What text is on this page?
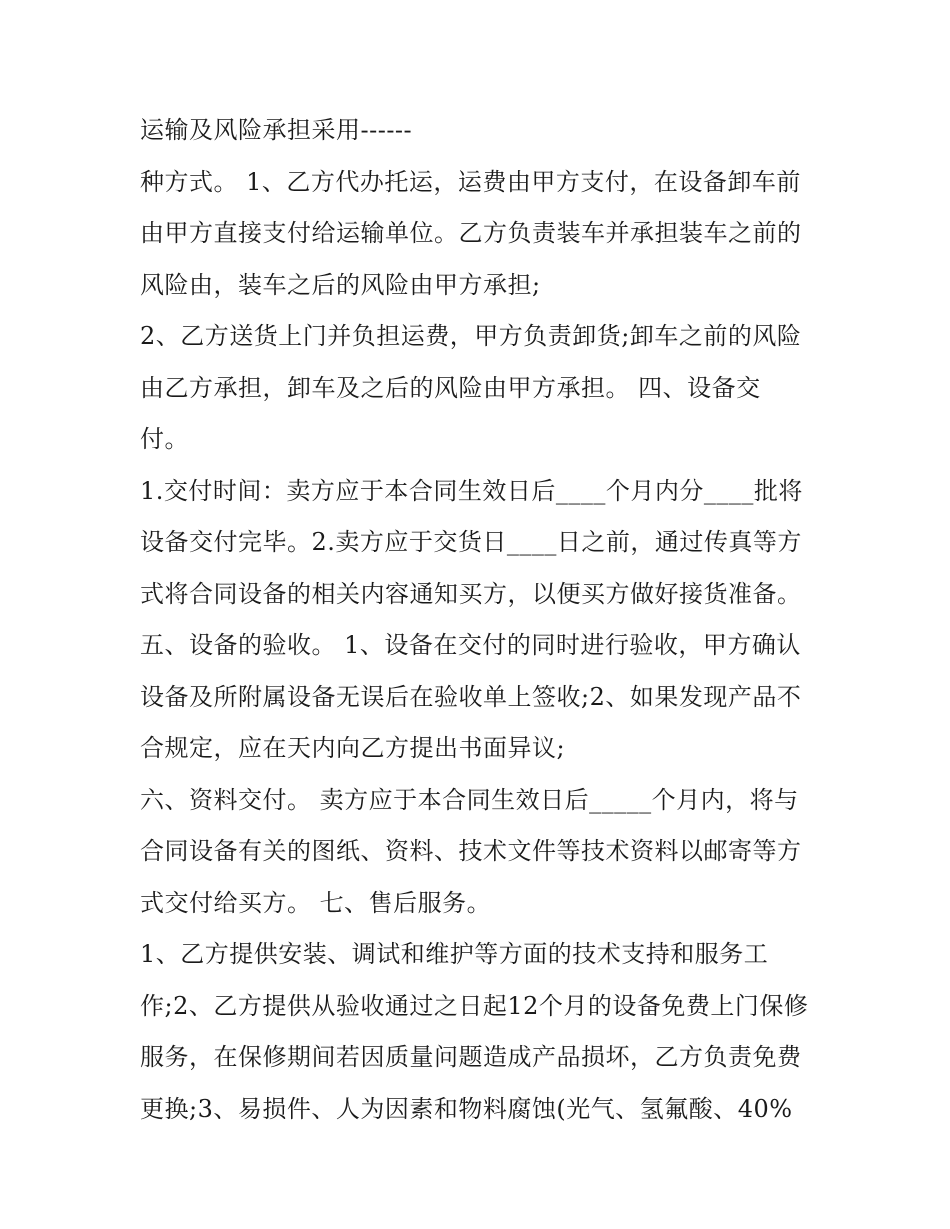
运输及风险承担采用------
种方式。 1、乙方代办托运，运费由甲方支付，在设备卸车前
由甲方直接支付给运输单位。乙方负责装车并承担装车之前的
风险由，装车之后的风险由甲方承担;
2、乙方送货上门并负担运费，甲方负责卸货;卸车之前的风险
由乙方承担，卸车及之后的风险由甲方承担。 四、设备交
付。
1.交付时间：卖方应于本合同生效日后____个月内分____批将
设备交付完毕。2.卖方应于交货日____日之前，通过传真等方
式将合同设备的相关内容通知买方，以便买方做好接货准备。
五、设备的验收。 1、设备在交付的同时进行验收，甲方确认
设备及所附属设备无误后在验收单上签收;2、如果发现产品不
合规定，应在天内向乙方提出书面异议;
六、资料交付。 卖方应于本合同生效日后_____个月内，将与
合同设备有关的图纸、资料、技术文件等技术资料以邮寄等方
式交付给买方。 七、售后服务。
1、乙方提供安装、调试和维护等方面的技术支持和服务工
作;2、乙方提供从验收通过之日起12个月的设备免费上门保修
服务，在保修期间若因质量问题造成产品损坏，乙方负责免费
更换;3、易损件、人为因素和物料腐蚀(光气、氢氟酸、40%
